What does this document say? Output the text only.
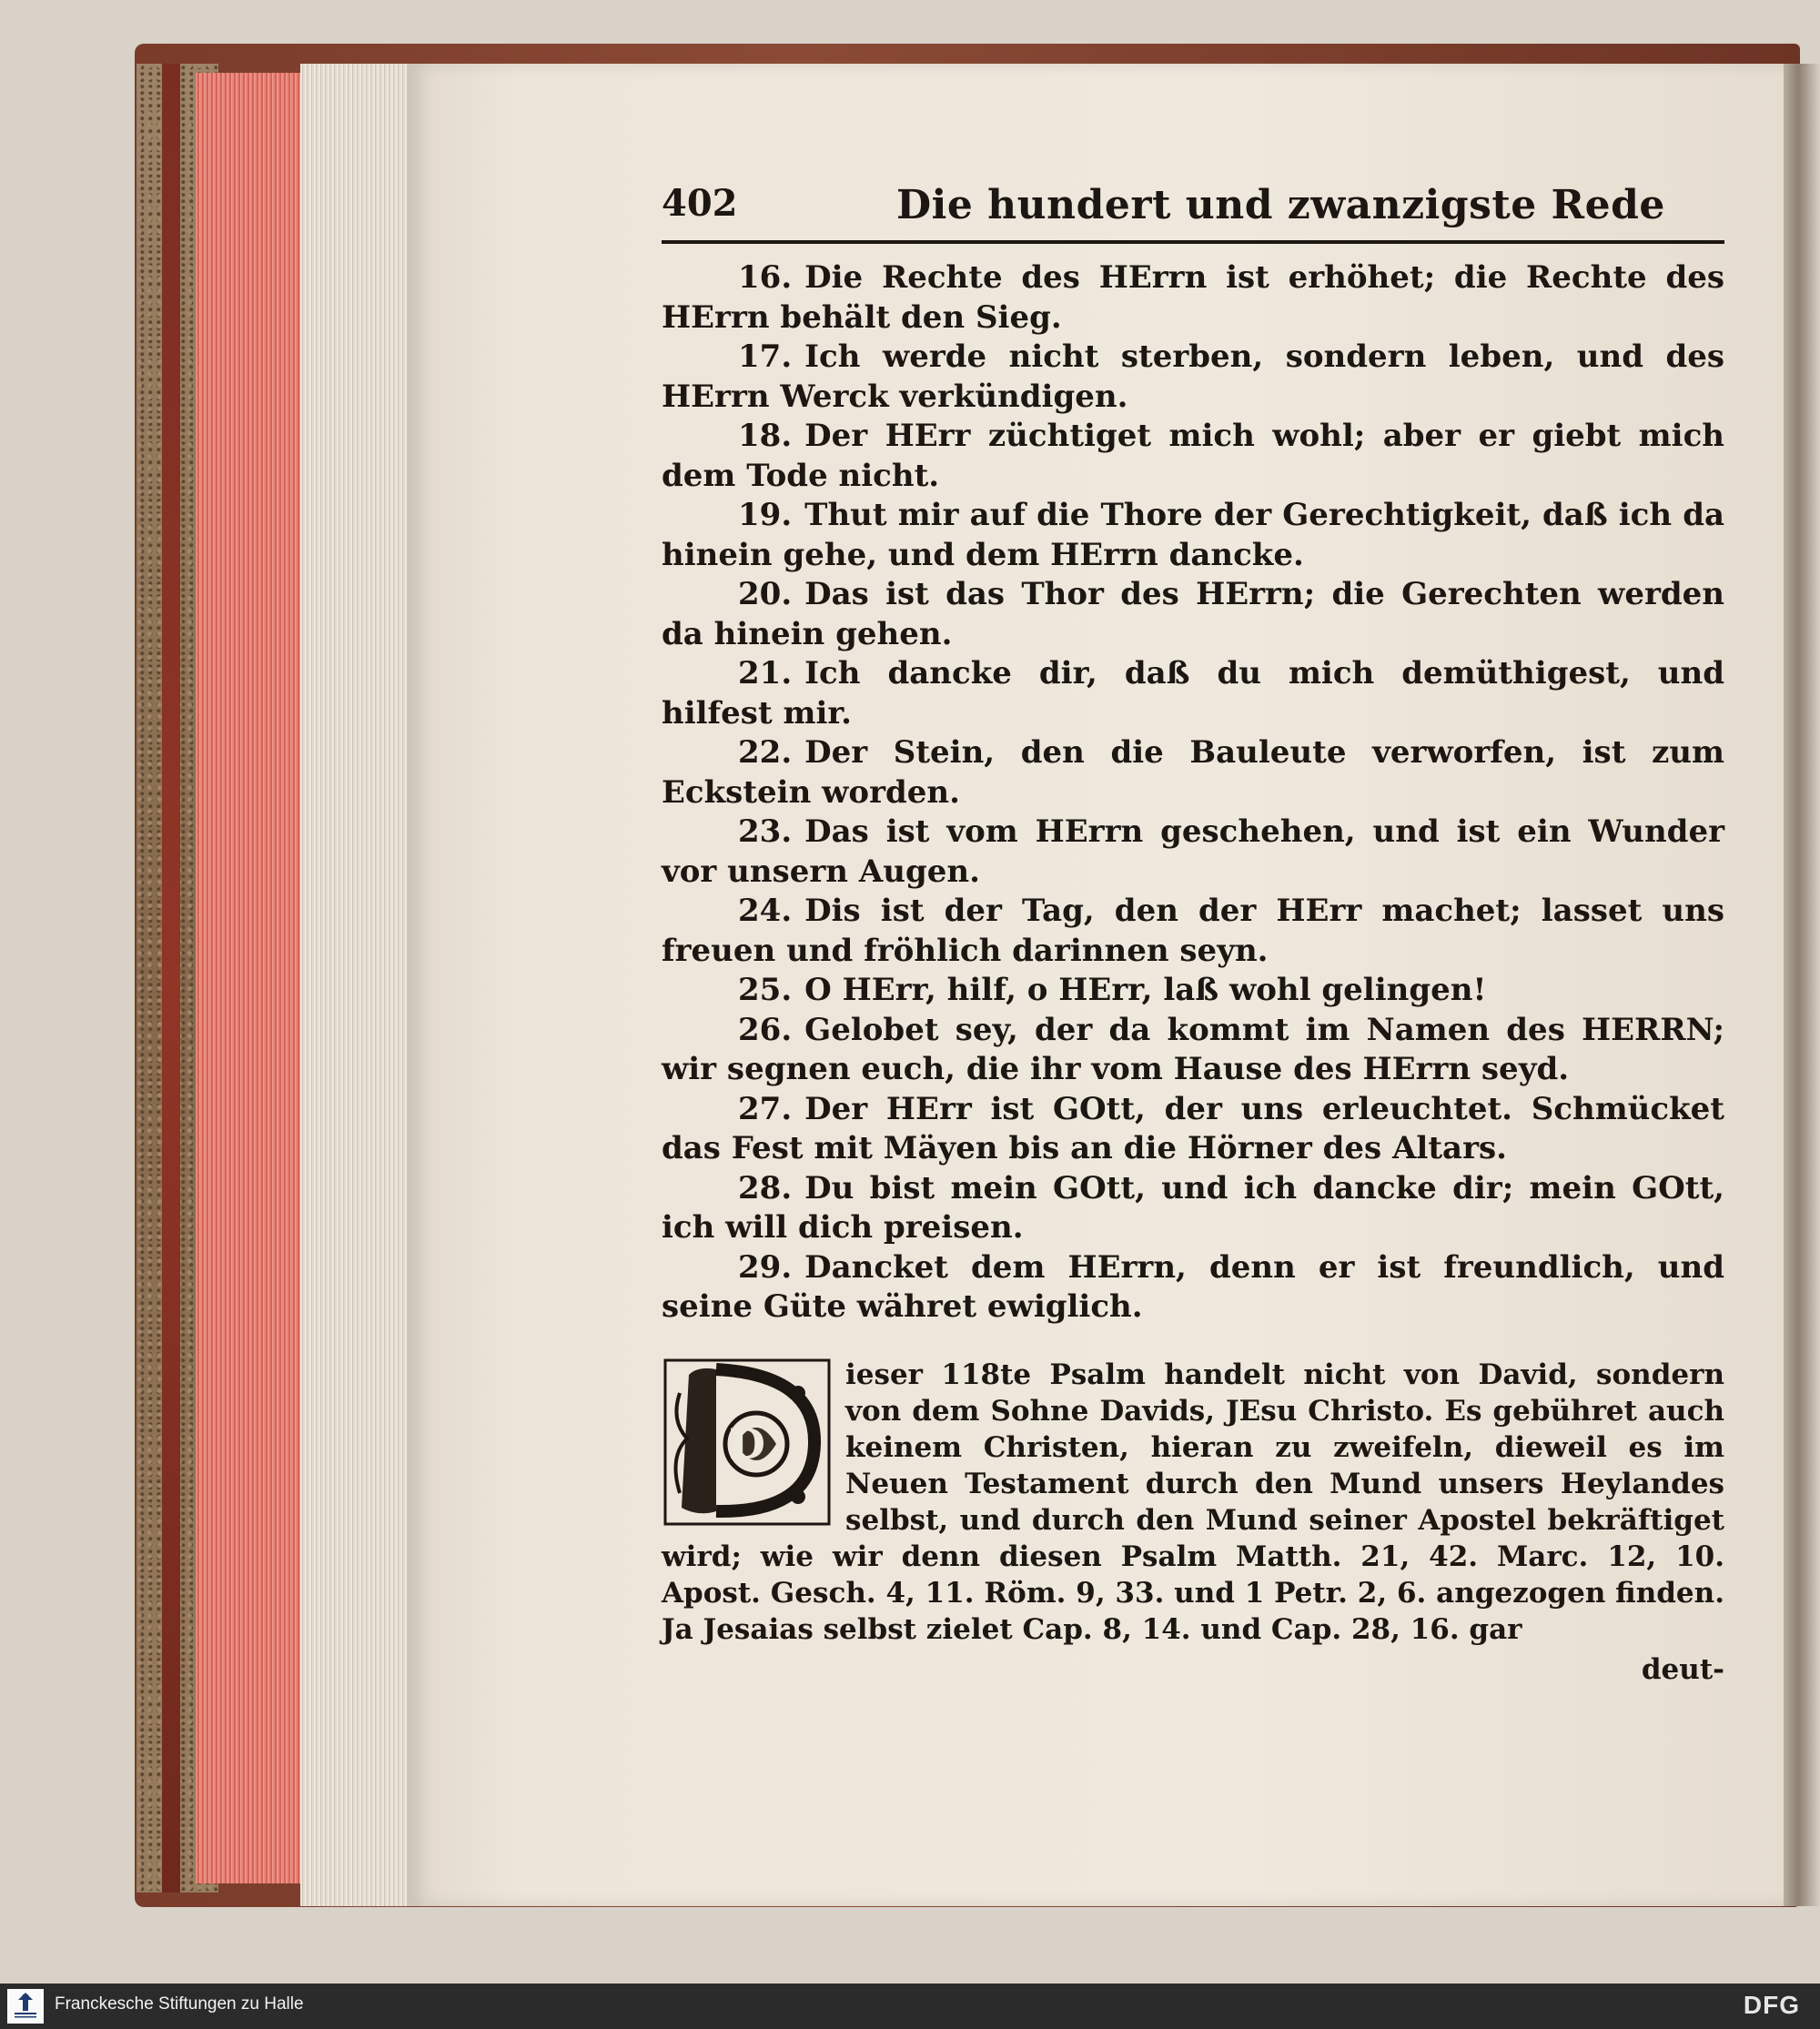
402	Die hundert und zwanzigste Rede
16. Die Rechte des HErrn ist erhöhet; die Rechte des HErrn behält den Sieg.
17. Ich werde nicht sterben, sondern leben, und des HErrn Werck verkündigen.
18. Der HErr züchtiget mich wohl; aber er giebt mich dem Tode nicht.
19. Thut mir auf die Thore der Gerechtigkeit, daß ich da hinein gehe, und dem HErrn dancke.
20. Das ist das Thor des HErrn; die Gerechten werden da hinein gehen.
21. Ich dancke dir, daß du mich demüthigest, und hilfest mir.
22. Der Stein, den die Bauleute verworfen, ist zum Eckstein worden.
23. Das ist vom HErrn geschehen, und ist ein Wunder vor unsern Augen.
24. Dis ist der Tag, den der HErr machet; lasset uns freuen und fröhlich darinnen seyn.
25. O HErr, hilf, o HErr, laß wohl gelingen!
26. Gelobet sey, der da kommt im Namen des HERRN; wir segnen euch, die ihr vom Hause des HErrn seyd.
27. Der HErr ist GOtt, der uns erleuchtet. Schmücket das Fest mit Mäyen bis an die Hörner des Altars.
28. Du bist mein GOtt, und ich dancke dir; mein GOtt, ich will dich preisen.
29. Dancket dem HErrn, denn er ist freundlich, und seine Güte währet ewiglich.
D
ieser 118te Psalm handelt nicht von David, sondern von dem Sohne Davids, JEsu Christo. Es gebühret auch keinem Christen, hieran zu zweifeln, dieweil es im Neuen Testament durch den Mund unsers Heylandes selbst, und durch den Mund seiner Apostel bekräftiget wird; wie wir denn diesen Psalm Matth. 21, 42. Marc. 12, 10. Apost. Gesch. 4, 11. Röm. 9, 33. und 1 Petr. 2, 6. angezogen finden. Ja Jesaias selbst zielet Cap. 8, 14. und Cap. 28, 16. gar
deut-
Franckesche Stiftungen zu Halle	DFG
